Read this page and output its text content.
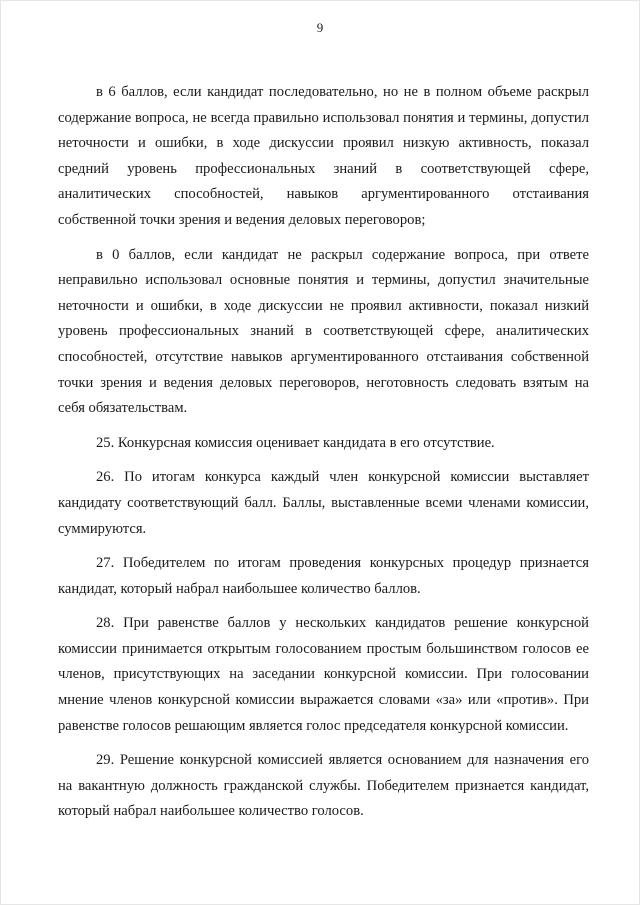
9

в 6 баллов, если кандидат последовательно, но не в полном объеме раскрыл содержание вопроса, не всегда правильно использовал понятия и термины, допустил неточности и ошибки, в ходе дискуссии проявил низкую активность, показал средний уровень профессиональных знаний в соответствующей сфере, аналитических способностей, навыков аргументированного отстаивания собственной точки зрения и ведения деловых переговоров;

в 0 баллов, если кандидат не раскрыл содержание вопроса, при ответе неправильно использовал основные понятия и термины, допустил значительные неточности и ошибки, в ходе дискуссии не проявил активности, показал низкий уровень профессиональных знаний в соответствующей сфере, аналитических способностей, отсутствие навыков аргументированного отстаивания собственной точки зрения и ведения деловых переговоров, неготовность следовать взятым на себя обязательствам.

25. Конкурсная комиссия оценивает кандидата в его отсутствие.

26. По итогам конкурса каждый член конкурсной комиссии выставляет кандидату соответствующий балл. Баллы, выставленные всеми членами комиссии, суммируются.

27. Победителем по итогам проведения конкурсных процедур признается кандидат, который набрал наибольшее количество баллов.

28. При равенстве баллов у нескольких кандидатов решение конкурсной комиссии принимается открытым голосованием простым большинством голосов ее членов, присутствующих на заседании конкурсной комиссии. При голосовании мнение членов конкурсной комиссии выражается словами «за» или «против». При равенстве голосов решающим является голос председателя конкурсной комиссии.

29. Решение конкурсной комиссией является основанием для назначения его на вакантную должность гражданской службы. Победителем признается кандидат, который набрал наибольшее количество голосов.
